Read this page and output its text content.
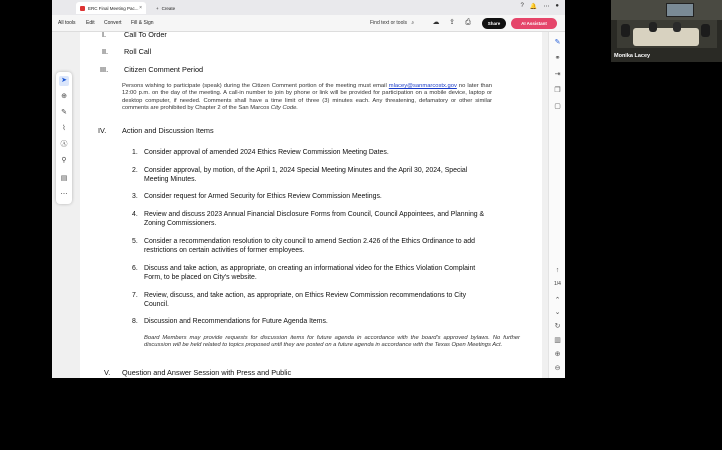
ERC Final Meeting Pac... ×	+ Create	? 🔔 ⋯ ●
All tools Edit Convert Fill & Sign	Find text or tools ⌕	☁ ⇪ ⎙	Share	AI Assistant
I. Call To Order
II. Roll Call
III. Citizen Comment Period
Persons wishing to participate (speak) during the Citizen Comment portion of the meeting must email mlacey@sanmarcostx.gov no later than 12:00 p.m. on the day of the meeting. A call-in number to join by phone or link will be provided for participation on a mobile device, laptop or desktop computer, if needed. Comments shall have a time limit of three (3) minutes each. Any threatening, defamatory or other similar comments are prohibited by Chapter 2 of the San Marcos City Code.
IV. Action and Discussion Items
1. Consider approval of amended 2024 Ethics Review Commission Meeting Dates.
2. Consider approval, by motion, of the April 1, 2024 Special Meeting Minutes and the April 30, 2024, Special Meeting Minutes.
3. Consider request for Armed Security for Ethics Review Commission Meetings.
4. Review and discuss 2023 Annual Financial Disclosure Forms from Council, Council Appointees, and Planning & Zoning Commissioners.
5. Consider a recommendation resolution to city council to amend Section 2.426 of the Ethics Ordinance to add restrictions on certain activities of former employees.
6. Discuss and take action, as appropriate, on creating an informational video for the Ethics Violation Complaint Form, to be placed on City's website.
7. Review, discuss, and take action, as appropriate, on Ethics Review Commission recommendations to City Council.
8. Discussion and Recommendations for Future Agenda Items.
Board Members may provide requests for discussion items for future agenda in accordance with the board's approved bylaws. No further discussion will be held related to topics proposed until they are posted on a future agenda in accordance with the Texas Open Meetings Act.
V. Question and Answer Session with Press and Public
➤
⊕
✎
⌇
Ⓐ
⚲
▤
⋯
✎
⚭
⇥
❐
▢
↑
1/4
⌃
⌄
↻
▥
⊕
⊖
Monika Lacey
